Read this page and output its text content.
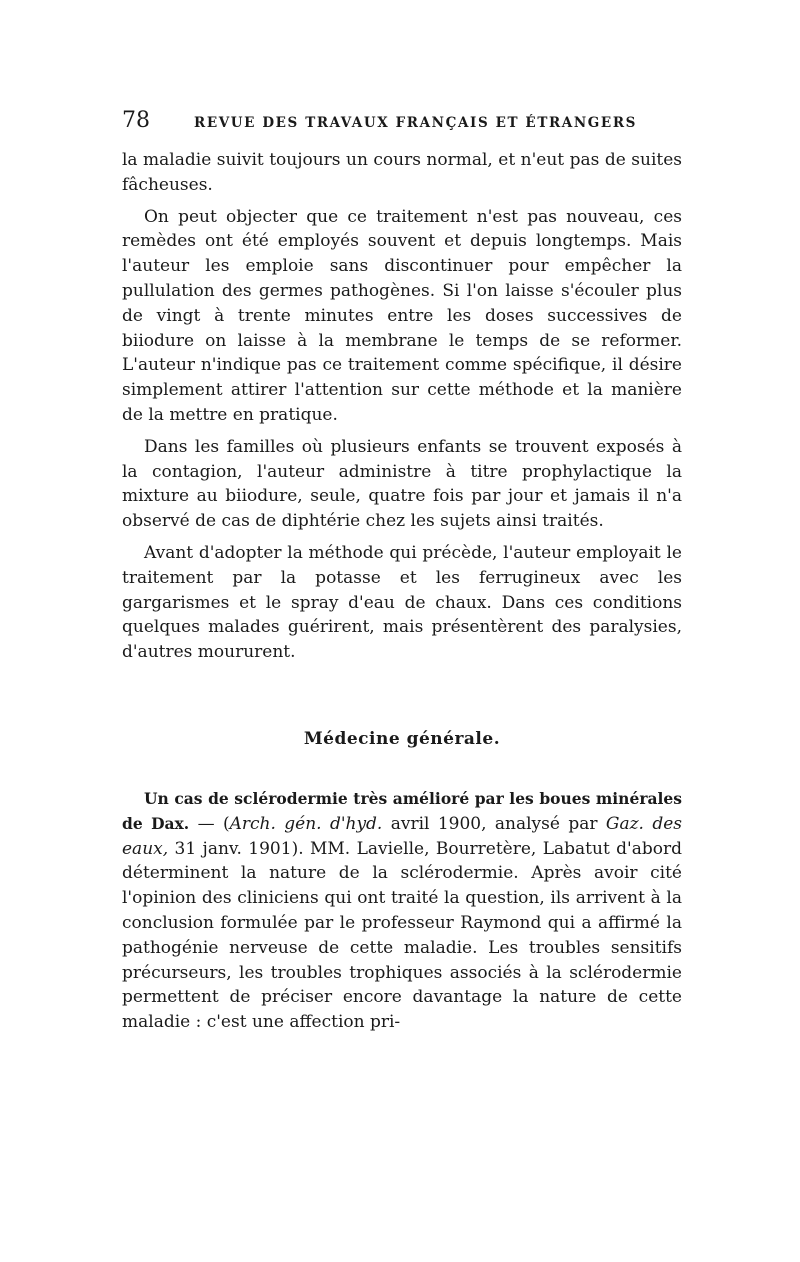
78	REVUE DES TRAVAUX FRANÇAIS ET ÉTRANGERS

la maladie suivit toujours un cours normal, et n'eut pas de suites fâcheuses.

On peut objecter que ce traitement n'est pas nouveau, ces remèdes ont été employés souvent et depuis longtemps. Mais l'auteur les emploie sans discontinuer pour empêcher la pullulation des germes pathogènes. Si l'on laisse s'écouler plus de vingt à trente minutes entre les doses successives de biiodure on laisse à la membrane le temps de se reformer. L'auteur n'indique pas ce traitement comme spécifique, il désire simplement attirer l'attention sur cette méthode et la manière de la mettre en pratique.

Dans les familles où plusieurs enfants se trouvent exposés à la contagion, l'auteur administre à titre prophylactique la mixture au biiodure, seule, quatre fois par jour et jamais il n'a observé de cas de diphtérie chez les sujets ainsi traités.

Avant d'adopter la méthode qui précède, l'auteur employait le traitement par la potasse et les ferrugineux avec les gargarismes et le spray d'eau de chaux. Dans ces conditions quelques malades guérirent, mais présentèrent des paralysies, d'autres moururent.

Médecine générale.

Un cas de sclérodermie très amélioré par les boues minérales de Dax. — (Arch. gén. d'hyd. avril 1900, analysé par Gaz. des eaux, 31 janv. 1901). MM. Lavielle, Bourretère, Labatut d'abord déterminent la nature de la sclérodermie. Après avoir cité l'opinion des cliniciens qui ont traité la question, ils arrivent à la conclusion formulée par le professeur Raymond qui a affirmé la pathogénie nerveuse de cette maladie. Les troubles sensitifs précurseurs, les troubles trophiques associés à la sclérodermie permettent de préciser encore davantage la nature de cette maladie : c'est une affection pri-
